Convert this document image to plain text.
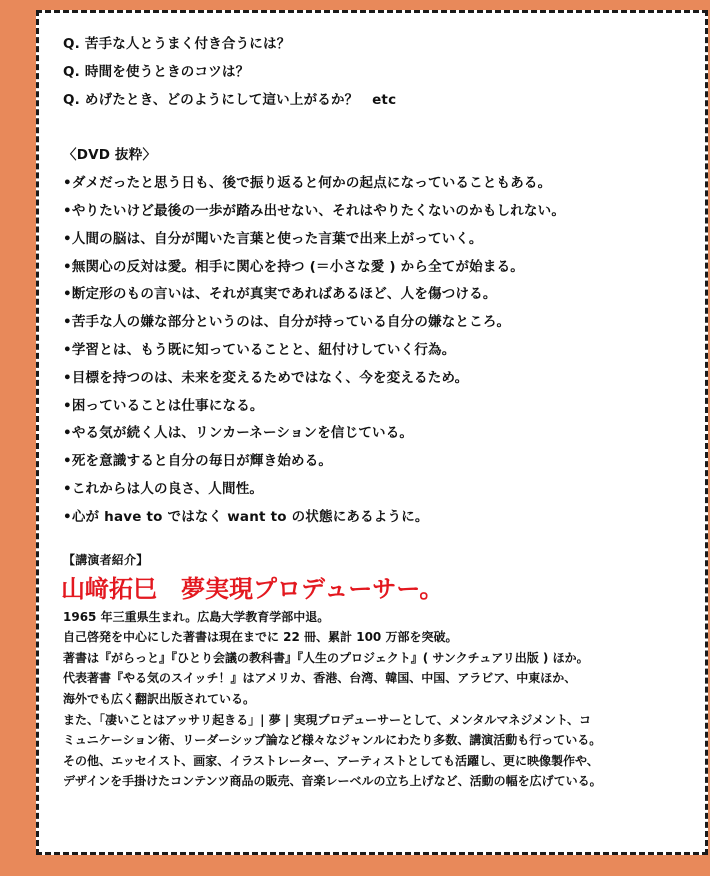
Q. 苦手な人とうまく付き合うには？
Q. 時間を使うときのコツは？
Q. めげたとき、どのようにして這い上がるか？　etc
〈DVD 抜粋〉
•ダメだったと思う日も、後で振り返ると何かの起点になっていることもある。
•やりたいけど最後の一歩が踏み出せない、それはやりたくないのかもしれない。
•人間の脳は、自分が聞いた言葉と使った言葉で出来上がっていく。
•無関心の反対は愛。相手に関心を持つ (＝小さな愛 ) から全てが始まる。
•断定形のもの言いは、それが真実であればあるほど、人を傷つける。
•苦手な人の嫌な部分というのは、自分が持っている自分の嫌なところ。
•学習とは、もう既に知っていることと、紐付けしていく行為。
•目標を持つのは、未来を変えるためではなく、今を変えるため。
•困っていることは仕事になる。
•やる気が続く人は、リンカーネーションを信じている。
•死を意識すると自分の毎日が輝き始める。
•これからは人の良さ、人間性。
•心が have to ではなく want to の状態にあるように。
【講演者紹介】
山﨑拓巳　夢実現プロデューサー。
1965 年三重県生まれ。広島大学教育学部中退。
自己啓発を中心にした著書は現在までに 22 冊、累計 100 万部を突破。
著書は『がらっと』『ひとり会議の教科書』『人生のプロジェクト』( サンクチュアリ出版 ) ほか。
代表著書『やる気のスイッチ！』はアメリカ、香港、台湾、韓国、中国、アラビア、中東ほか、
海外でも広く翻訳出版されている。
また、「凄いことはアッサリ起きる」| 夢 | 実現プロデューサーとして、メンタルマネジメント、コ
ミュニケーション術、リーダーシップ論など様々なジャンルにわたり多数、講演活動も行っている。
その他、エッセイスト、画家、イラストレーター、アーティストとしても活躍し、更に映像製作や、
デザインを手掛けたコンテンツ商品の販売、音楽レーベルの立ち上げなど、活動の幅を広げている。
